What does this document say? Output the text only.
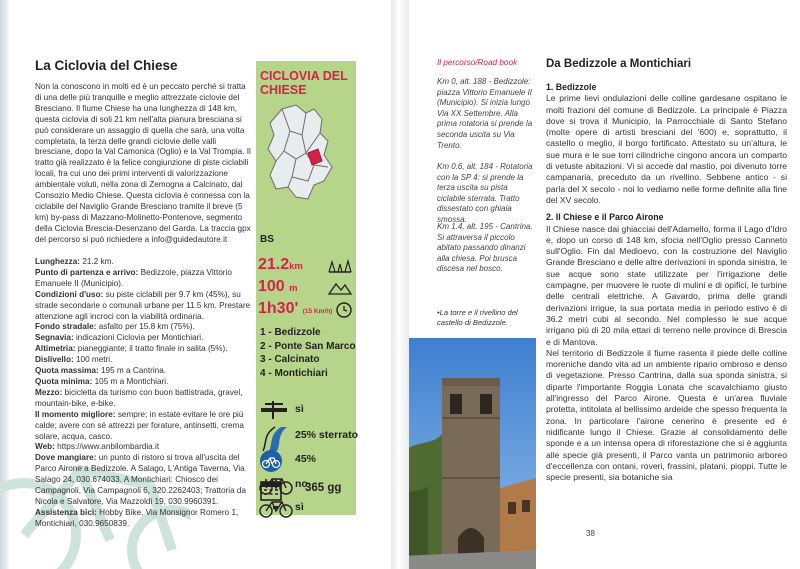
La Ciclovia del Chiese

Non la conoscono in molti ed è un peccato perché si tratta di una delle più tranquille e meglio attrezzate ciclovie del Bresciano. Il fiume Chiese ha una lunghezza di 148 km, questa ciclovia di soli 21 km nell'alta pianura bresciana si può considerare un assaggio di quella che sarà, una volta completata, la terza delle grandi ciclovie delle valli bresciane, dopo la Val Camonica (Oglio) e la Val Trompia. Il tratto già realizzato è la felice congiunzione di piste ciclabili locali, fra cui uno dei primi interventi di valorizzazione ambientale voluti, nella zona di Zemogna a Calcinato, dal Consozio Medio Chiese. Questa ciclovia è connessa con la ciclabile del Naviglio Grande Bresciano tramite il breve (5 km) by-pass di Mazzano-Molinetto-Pontenove, segmento della Ciclovia Brescia-Desenzano del Garda. La traccia gpx del percorso si può richiedere a info@guidedautore.it

Lunghezza: 21.2 km.
Punto di partenza e arrivo: Bedizzole, piazza Vittorio Emanuele II (Municipio).
Condizioni d'uso: su piste ciclabili per 9.7 km (45%), su strade secondarie o comunali urbane per 11.5 km. Prestare attenzione agli incroci con la viabilità ordinaria.
Fondo stradale: asfalto per 15.8 km (75%).
Segnavia: indicazioni Ciclovia per Montichiari.
Altimetria: pianeggiante; il tratto finale in salita (5%).
Dislivello: 100 metri.
Quota massima: 195 m a Cantrina.
Quota minima: 105 m a Montichiari.
Mezzo: bicicletta da turismo con buon battistrada, gravel, mountain-bike, e-bike.
Il momento migliore: sempre; in estate evitare le ore più calde; avere con sé attrezzi per forature, antinsetti, crema solare, acqua, casco.
Web: https://www.anbilombardia.it
Dove mangiare: un punto di ristoro si trova all'uscita del Parco Airone a Bedizzole. A Salago, L'Antiga Taverna, Via Salago 24, 030.674033. A Montichiari: Chiosco dei Campagnoli, Via Campagnoli 6, 320.2262403; Trattoria da Nicola e Salvatore, Via Mazzoldi 19, 030.9960391.
Assistenza bici: Hobby Bike, Via Monsignor Romero 1, Montichiari, 030.9650839.
CICLOVIA DEL CHIESE
BS
21.2km
100 m
1h30' (15 Km/h)
1 - Bedizzole
2 - Ponte San Marco
3 - Calcinato
4 - Montichiari
sì
25% sterrato
45%
no
sì
365 gg
Il percorso/Road book
Km 0, alt. 188 - Bedizzole: piazza Vittorio Emanuele II (Municipio). Si inizia lungo Via XX Settembre. Alla prima rotatoria si prende la seconda uscita su Via Trento.
Km 0.6, alt. 184 - Rotatoria con la SP 4: si prende la terza uscita su pista ciclabile sterrata. Tratto dissestato con ghiaia smossa.
Km 1.4, alt. 195 - Cantrina. Si attraversa il piccolo abitato passando dinanzi alla chiesa. Poi brusca discesa nel bosco.
•La torre e il rivellino del castello di Bedizzole.
Da Bedizzole a Montichiari
1. Bedizzole

Le prime lievi ondulazioni delle colline gardesane ospitano le molti frazioni del comune di Bedizzole. La principale è Piazza dove si trova il Municipio, la Parrocchiale di Santo Stefano (molte opere di artisti bresciani del '600) e, soprattutto, il castello o meglio, il borgo fortificato. Attestato su un'altura, le sue mura e le sue torri cilindriche cingono ancora un comparto di vetuste abitazioni. Vi si accede dal mastio, poi divenuto torre campanaria, preceduto da un rivellino. Sebbene antico - si parla del X secolo - noi lo vediamo nelle forme definite alla fine del XV secolo.

2. Il Chiese e il Parco Airone

Il Chiese nasce dai ghiacciai dell'Adamello, forma il Lago d'Idro e, dopo un corso di 148 km, sfocia nell'Oglio presso Canneto sull'Oglio. Fin dal Medioevo, con la costruzione del Naviglio Grande Bresciano e delle altre derivazioni in sponda sinistra, le sue acque sono state utilizzate per l'irrigazione delle campagne, per muovere le ruote di mulini e di opifici, le turbine delle centrali elettriche. A Gavardo, prima delle grandi derivazioni irrigue, la sua portata media in periodo estivo è di 36.2 metri cubi al secondo. Nel complesso le sue acque irrigano più di 20 mila ettari di terreno nelle province di Brescia e di Mantova.

Nel territorio di Bedizzole il fiume rasenta il piede delle colline moreniche dando vita ad un ambiente ripario ombroso e denso di vegetazione. Presso Cantrina, dalla sua sponda sinistra, si diparte l'importante Roggia Lonata che scavalchiamo giusto all'ingresso del Parco Airone. Questa è un'area fluviale protetta, intitolata al bellissimo ardeide che spesso frequenta la zona. In particolare l'airone cenerino è presente ed è nidificante lungo il Chiese. Grazie al consolidamento delle sponde e a un intensa opera di riforestazione che si è aggiunta alle specie già presenti, il Parco vanta un patrimonio arboreo d'eccellenza con ontani, roveri, frassini, platani, pioppi. Tutte le specie presenti, sia botaniche sia

38
